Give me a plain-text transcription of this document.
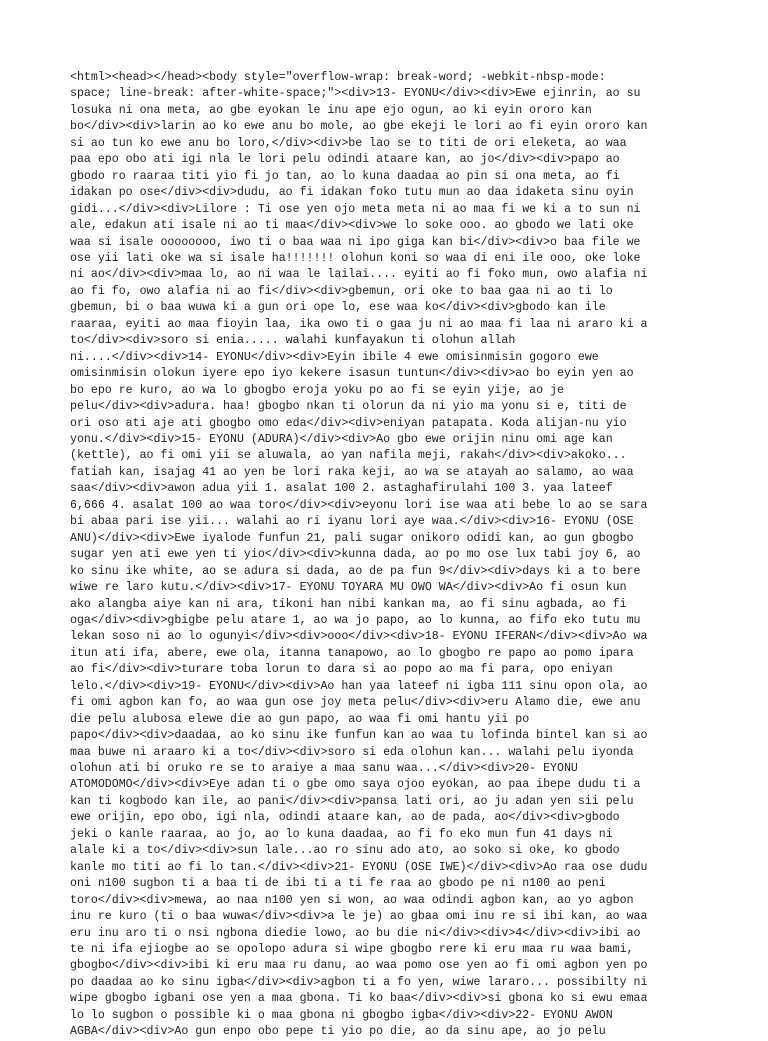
<html><head></head><body style="overflow-wrap: break-word; -webkit-nbsp-mode:
space; line-break: after-white-space;"><div>13- EYONU</div><div>Ewe ejinrin, ao su
losuka ni ona meta, ao gbe eyokan le inu ape ejo ogun, ao ki eyin ororo kan
bo</div><div>larin ao ko ewe anu bo mole, ao gbe ekeji le lori ao fi eyin ororo kan
si ao tun ko ewe anu bo loro,</div><div>be lao se to titi de ori eleketa, ao waa
paa epo obo ati igi nla le lori pelu odindi ataare kan, ao jo</div><div>papo ao
gbodo ro raaraa titi yio fi jo tan, ao lo kuna daadaa ao pin si ona meta, ao fi
idakan po ose</div><div>dudu, ao fi idakan foko tutu mun ao daa idaketa sinu oyin
gidi...</div><div>Lilore : Ti ose yen ojo meta meta ni ao maa fi we ki a to sun ni
ale, edakun ati isale ni ao ti maa</div><div>we lo soke ooo. ao gbodo we lati oke
waa si isale oooooooo, iwo ti o baa waa ni ipo giga kan bi</div><div>o baa file we
ose yii lati oke wa si isale ha!!!!!!! olohun koni so waa di eni ile ooo, oke loke
ni ao</div><div>maa lo, ao ni waa le lailai.... eyiti ao fi foko mun, owo alafia ni
ao fi fo, owo alafia ni ao fi</div><div>gbemun, ori oke to baa gaa ni ao ti lo
gbemun, bi o baa wuwa ki a gun ori ope lo, ese waa ko</div><div>gbodo kan ile
raaraa, eyiti ao maa fioyin laa, ika owo ti o gaa ju ni ao maa fi laa ni araro ki a
to</div><div>soro si enia..... walahi kunfayakun ti olohun allah
ni....</div><div>14- EYONU</div><div>Eyin ibile 4 ewe omisinmisin gogoro ewe
omisinmisin olokun iyere epo iyo kekere isasun tuntun</div><div>ao bo eyin yen ao
bo epo re kuro, ao wa lo gbogbo eroja yoku po ao fi se eyin yije, ao je
pelu</div><div>adura. haa! gbogbo nkan ti olorun da ni yio ma yonu si e, titi de
ori oso ati aje ati gbogbo omo eda</div><div>eniyan patapata. Koda alijan-nu yio
yonu.</div><div>15- EYONU (ADURA)</div><div>Ao gbo ewe orijin ninu omi age kan
(kettle), ao fi omi yii se aluwala, ao yan nafila meji, rakah</div><div>akoko...
fatiah kan, isajag 41 ao yen be lori raka keji, ao wa se atayah ao salamo, ao waa
saa</div><div>awon adua yii 1. asalat 100 2. astaghafirulahi 100 3. yaa lateef
6,666 4. asalat 100 ao waa toro</div><div>eyonu lori ise waa ati bebe lo ao se sara
bi abaa pari ise yii... walahi ao ri iyanu lori aye waa.</div><div>16- EYONU (OSE
ANU)</div><div>Ewe iyalode funfun 21, pali sugar onikoro odidi kan, ao gun gbogbo
sugar yen ati ewe yen ti yio</div><div>kunna dada, ao po mo ose lux tabi joy 6, ao
ko sinu ike white, ao se adura si dada, ao de pa fun 9</div><div>days ki a to bere
wiwe re laro kutu.</div><div>17- EYONU TOYARA MU OWO WA</div><div>Ao fi osun kun
ako alangba aiye kan ni ara, tikoni han nibi kankan ma, ao fi sinu agbada, ao fi
oga</div><div>gbigbe pelu atare 1, ao wa jo papo, ao lo kunna, ao fifo eko tutu mu
lekan soso ni ao lo ogunyi</div><div>ooo</div><div>18- EYONU IFERAN</div><div>Ao wa
itun ati ifa, abere, ewe ola, itanna tanapowo, ao lo gbogbo re papo ao pomo ipara
ao fi</div><div>turare toba lorun to dara si ao popo ao ma fi para, opo eniyan
lelo.</div><div>19- EYONU</div><div>Ao han yaa lateef ni igba 111 sinu opon ola, ao
fi omi agbon kan fo, ao waa gun ose joy meta pelu</div><div>eru Alamo die, ewe anu
die pelu alubosa elewe die ao gun papo, ao waa fi omi hantu yii po
papo</div><div>daadaa, ao ko sinu ike funfun kan ao waa tu lofinda bintel kan si ao
maa buwe ni araaro ki a to</div><div>soro si eda olohun kan... walahi pelu iyonda
olohun ati bi oruko re se to araiye a maa sanu waa...</div><div>20- EYONU
ATOMODOMO</div><div>Eye adan ti o gbe omo saya ojoo eyokan, ao paa ibepe dudu ti a
kan ti kogbodo kan ile, ao pani</div><div>pansa lati ori, ao ju adan yen sii pelu
ewe orijin, epo obo, igi nla, odindi ataare kan, ao de pada, ao</div><div>gbodo
jeki o kanle raaraa, ao jo, ao lo kuna daadaa, ao fi fo eko mun fun 41 days ni
alale ki a to</div><div>sun lale...ao ro sinu ado ato, ao soko si oke, ko gbodo
kanle mo titi ao fi lo tan.</div><div>21- EYONU (OSE IWE)</div><div>Ao raa ose dudu
oni n100 sugbon ti a baa ti de ibi ti a ti fe raa ao gbodo pe ni n100 ao peni
toro</div><div>mewa, ao naa n100 yen si won, ao waa odindi agbon kan, ao yo agbon
inu re kuro (ti o baa wuwa</div><div>a le je) ao gbaa omi inu re si ibi kan, ao waa
eru inu aro ti o nsi ngbona diedie lowo, ao bu die ni</div><div>4</div><div>ibi ao
te ni ifa ejiogbe ao se opolopo adura si wipe gbogbo rere ki eru maa ru waa bami,
gbogbo</div><div>ibi ki eru maa ru danu, ao waa pomo ose yen ao fi omi agbon yen po
po daadaa ao ko sinu igba</div><div>agbon ti a fo yen, wiwe lararo... possibilty ni
wipe gbogbo igbani ose yen a maa gbona. Ti ko baa</div><div>si gbona ko si ewu emaa
lo lo sugbon o possible ki o maa gbona ni gbogbo igba</div><div>22- EYONU AWON
AGBA</div><div>Ao gun enpo obo pepe ti yio po die, ao da sinu ape, ao jo pelu
